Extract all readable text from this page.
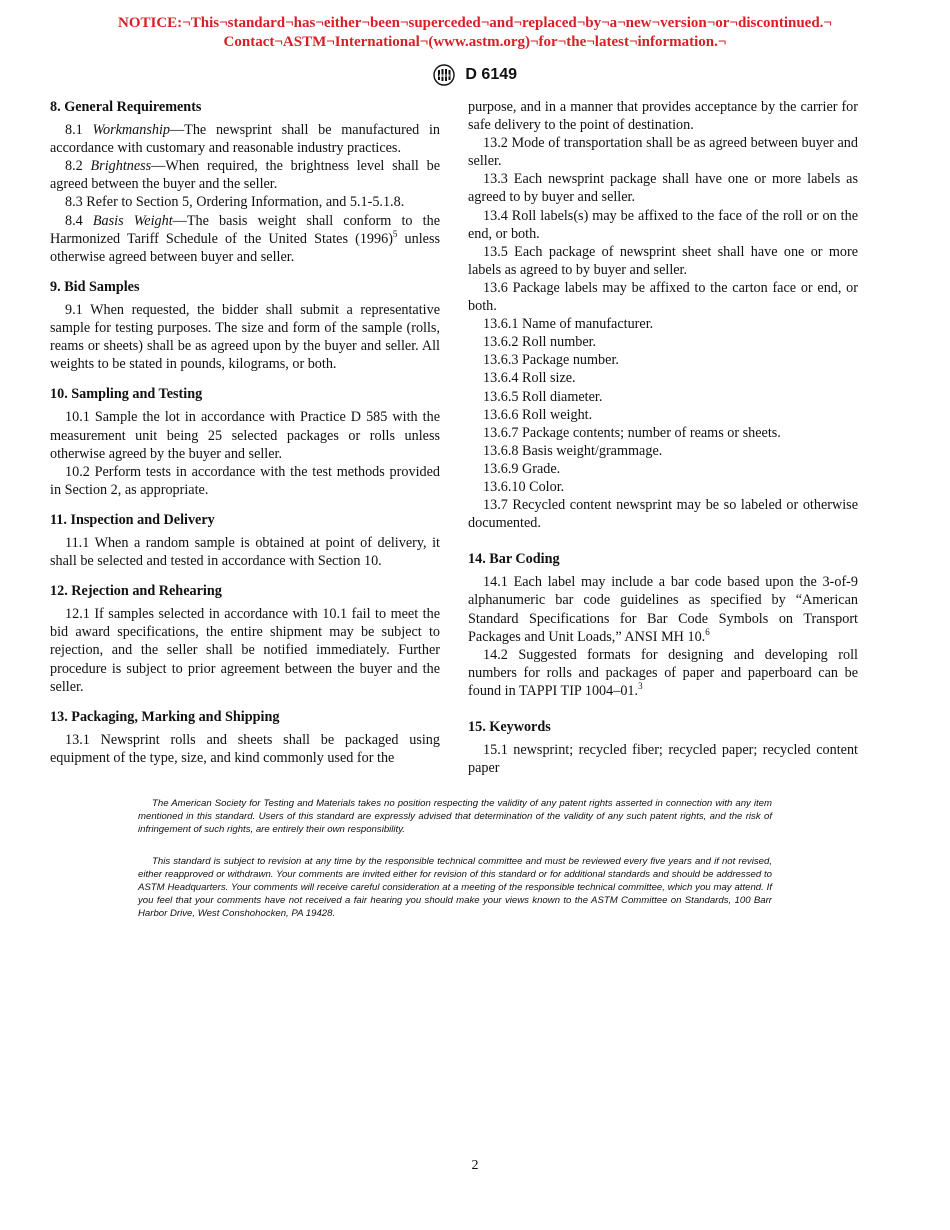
NOTICE:¬This¬standard¬has¬either¬been¬superceded¬and¬replaced¬by¬a¬new¬version¬or¬discontinued.¬
Contact¬ASTM¬International¬(www.astm.org)¬for¬the¬latest¬information.¬
ASTM D 6149
8. General Requirements

8.1 Workmanship—The newsprint shall be manufactured in accordance with customary and reasonable industry practices.

8.2 Brightness—When required, the brightness level shall be agreed between the buyer and the seller.

8.3 Refer to Section 5, Ordering Information, and 5.1-5.1.8.

8.4 Basis Weight—The basis weight shall conform to the Harmonized Tariff Schedule of the United States $(1996)^5$ unless otherwise agreed between buyer and seller.

9. Bid Samples

9.1 When requested, the bidder shall submit a representative sample for testing purposes. The size and form of the sample (rolls, reams or sheets) shall be as agreed upon by the buyer and seller. All weights to be stated in pounds, kilograms, or both.

10. Sampling and Testing

10.1 Sample the lot in accordance with Practice D 585 with the measurement unit being 25 selected packages or rolls unless otherwise agreed by the buyer and seller.

10.2 Perform tests in accordance with the test methods provided in Section 2, as appropriate.

11. Inspection and Delivery

11.1 When a random sample is obtained at point of delivery, it shall be selected and tested in accordance with Section 10.

12. Rejection and Rehearing

12.1 If samples selected in accordance with 10.1 fail to meet the bid award specifications, the entire shipment may be subject to rejection, and the seller shall be notified immediately. Further procedure is subject to prior agreement between the buyer and the seller.

13. Packaging, Marking and Shipping

13.1 Newsprint rolls and sheets shall be packaged using equipment of the type, size, and kind commonly used for the

purpose, and in a manner that provides acceptance by the carrier for safe delivery to the point of destination.

13.2 Mode of transportation shall be as agreed between buyer and seller.

13.3 Each newsprint package shall have one or more labels as agreed to by buyer and seller.

13.4 Roll labels(s) may be affixed to the face of the roll or on the end, or both.

13.5 Each package of newsprint sheet shall have one or more labels as agreed to by buyer and seller.

13.6 Package labels may be affixed to the carton face or end, or both.

13.6.1 Name of manufacturer.

13.6.2 Roll number.

13.6.3 Package number.

13.6.4 Roll size.

13.6.5 Roll diameter.

13.6.6 Roll weight.

13.6.7 Package contents; number of reams or sheets.

13.6.8 Basis weight/grammage.

13.6.9 Grade.

13.6.10 Color.

13.7 Recycled content newsprint may be so labeled or otherwise documented.

14. Bar Coding

14.1 Each label may include a bar code based upon the 3-of-9 alphanumeric bar code guidelines as specified by “American Standard Specifications for Bar Code Symbols on Transport Packages and Unit Loads,” ANSI MH 10.$^6$

14.2 Suggested formats for designing and developing roll numbers for rolls and packages of paper and paperboard can be found in TAPPI TIP 1004–01.$^3$

15. Keywords

15.1 newsprint; recycled fiber; recycled paper; recycled content paper

The American Society for Testing and Materials takes no position respecting the validity of any patent rights asserted in connection with any item mentioned in this standard. Users of this standard are expressly advised that determination of the validity of any such patent rights, and the risk of infringement of such rights, are entirely their own responsibility.

This standard is subject to revision at any time by the responsible technical committee and must be reviewed every five years and if not revised, either reapproved or withdrawn. Your comments are invited either for revision of this standard or for additional standards and should be addressed to ASTM Headquarters. Your comments will receive careful consideration at a meeting of the responsible technical committee, which you may attend. If you feel that your comments have not received a fair hearing you should make your views known to the ASTM Committee on Standards, 100 Barr Harbor Drive, West Conshohocken, PA 19428.

2
